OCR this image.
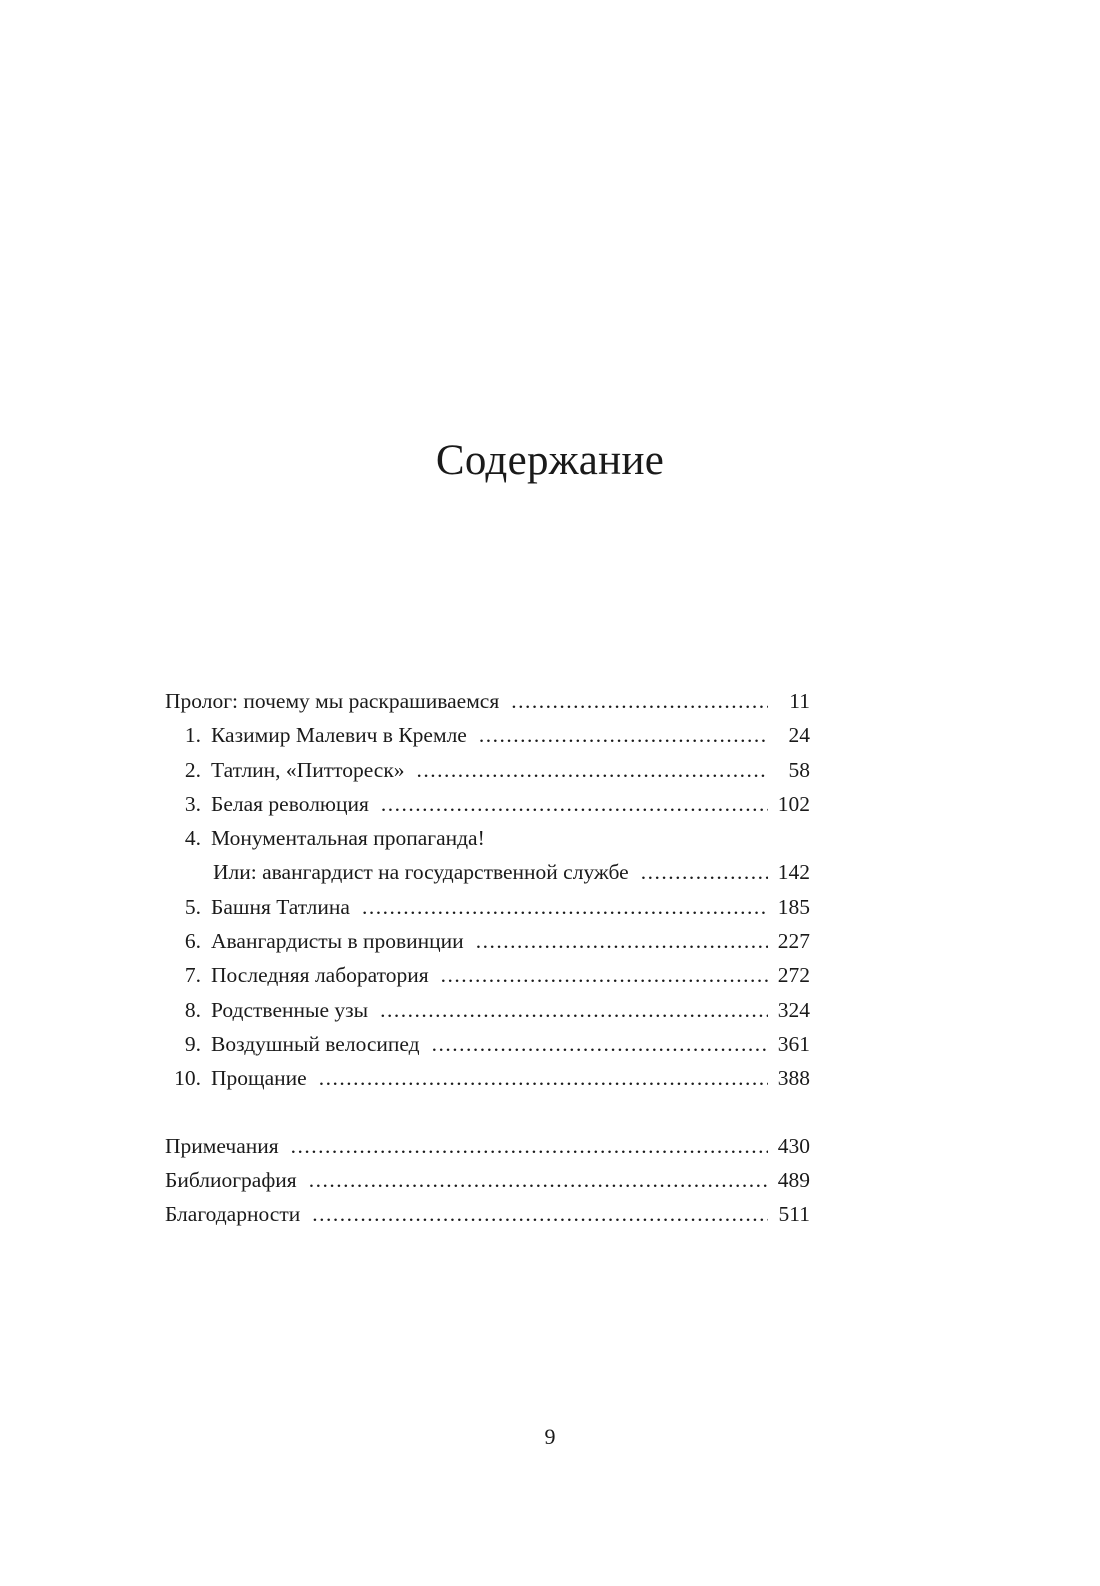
Содержание
Пролог: почему мы раскрашиваемся .....	11
1. Казимир Малевич в Кремле .....	24
2. Татлин, «Питтореск» .....	58
3. Белая революция .....	102
4. Монументальная пропаганда!
Или: авангардист на государственной службе .....	142
5. Башня Татлина .....	185
6. Авангардисты в провинции .....	227
7. Последняя лаборатория .....	272
8. Родственные узы .....	324
9. Воздушный велосипед .....	361
10. Прощание .....	388
Примечания .....	430
Библиография .....	489
Благодарности .....	511
9
